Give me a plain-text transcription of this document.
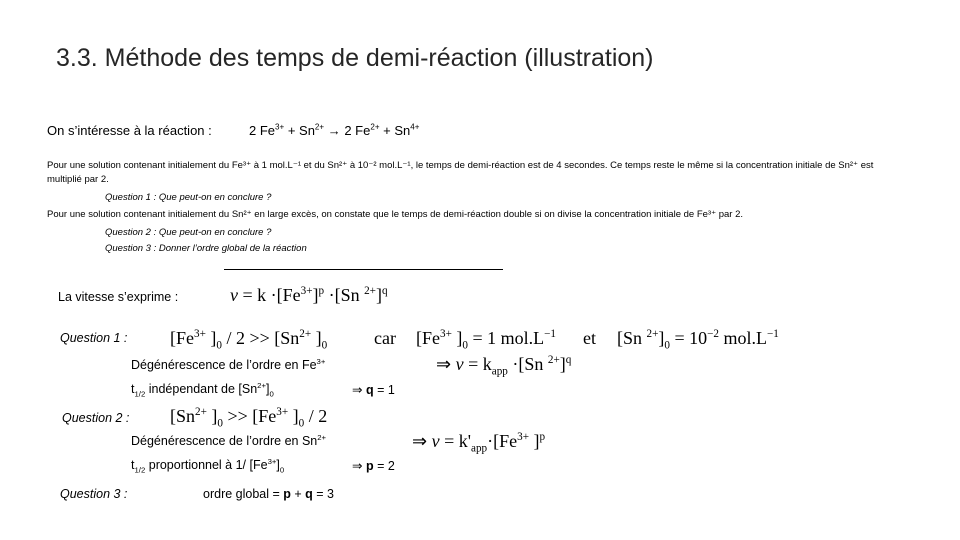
3.3. Méthode des temps de demi-réaction (illustration)
On s’intéresse à la réaction :	2 $Fe^{3+} + Sn^{2+} \to 2$ $Fe^{2+} + Sn^{4+}$
Pour une solution contenant initialement du Fe³⁺ à 1 mol.L⁻¹ et du Sn²⁺ à 10⁻² mol.L⁻¹, le temps de demi-réaction est de 4 secondes. Ce temps reste le même si la concentration initiale de Sn²⁺ est multiplié par 2.
Question 1 : Que peut-on en conclure ?
Pour une solution contenant initialement du Sn²⁺ en large excès, on constate que le temps de demi-réaction double si on divise la concentration initiale de Fe³⁺ par 2.
Question 2 : Que peut-on en conclure ?
Question 3 : Donner l’ordre global de la réaction
La vitesse s’exprime :	$v = k \cdot[Fe^{3+}]^p \cdot[Sn$ $^{2+}$]$^q$
Question 1 : [$Fe^{3+}$ ]$_0 / 2 >> [Sn^{2+}$ ]$_0$	car [$Fe^{3+}$ ]$_0 = 1$ $mol.L^{-1}$ et [Sn $^{2+}]_0 = 10^{-2}$ $mol.L^{-1}$
Dégénérescence de l’ordre en $Fe^{3+}$	⇒ $v = k_{app} \cdot[Sn$ $^{2+}$]$^q$
$t_{1/2}$ indépendant de $[Sn^{2+}]_0$	⇒ q = 1
Question 2 : [$Sn^{2+}$ ]$_0 >> [Fe^{3+}$ ]$_0 / 2$
Dégénérescence de l’ordre en $Sn^{2+}$	⇒ $v = k'_{app}\cdot[Fe^{3+}$ ]$^p$
$t_{1/2}$ proportionnel à 1/ $[Fe^{3+}]_0$	⇒ p = 2
Question 3 :	ordre global = p + q = 3
